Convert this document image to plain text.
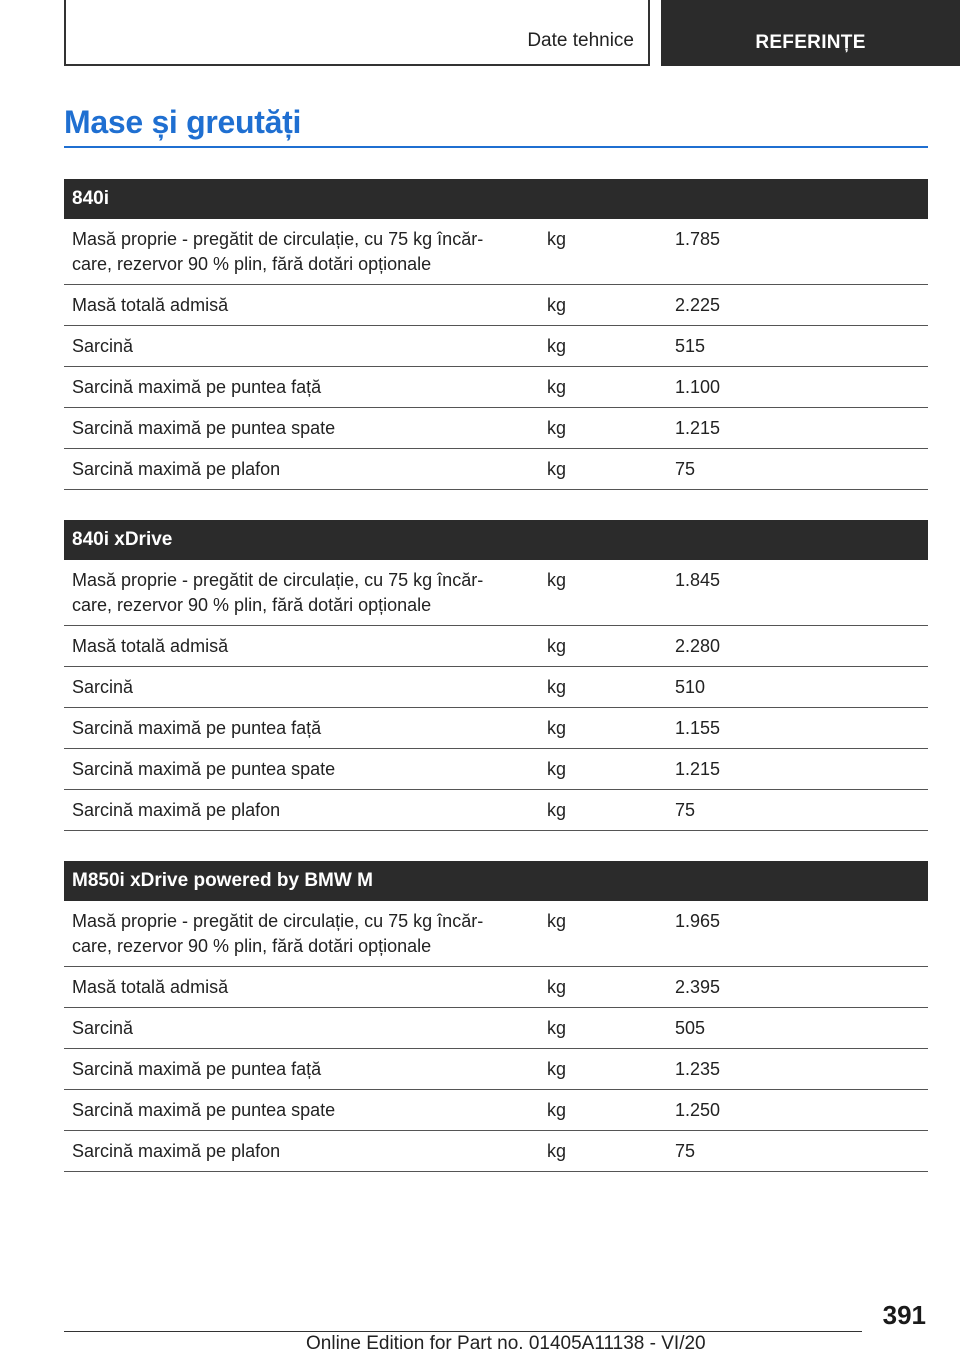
Date tehnice	REFERINȚE
Mase și greutăți
840i
Masă proprie - pregătit de circulație, cu 75 kg încăr-
care, rezervor 90 % plin, fără dotări opționale
kg	1.785
Masă totală admisă	kg	2.225
Sarcină	kg	515
Sarcină maximă pe puntea față	kg	1.100
Sarcină maximă pe puntea spate	kg	1.215
Sarcină maximă pe plafon	kg	75
840i xDrive
Masă proprie - pregătit de circulație, cu 75 kg încăr-
care, rezervor 90 % plin, fără dotări opționale
kg	1.845
Masă totală admisă	kg	2.280
Sarcină	kg	510
Sarcină maximă pe puntea față	kg	1.155
Sarcină maximă pe puntea spate	kg	1.215
Sarcină maximă pe plafon	kg	75
M850i xDrive powered by BMW M
Masă proprie - pregătit de circulație, cu 75 kg încăr-
care, rezervor 90 % plin, fără dotări opționale
kg	1.965
Masă totală admisă	kg	2.395
Sarcină	kg	505
Sarcină maximă pe puntea față	kg	1.235
Sarcină maximă pe puntea spate	kg	1.250
Sarcină maximă pe plafon	kg	75
391
Online Edition for Part no. 01405A11138 - VI/20
